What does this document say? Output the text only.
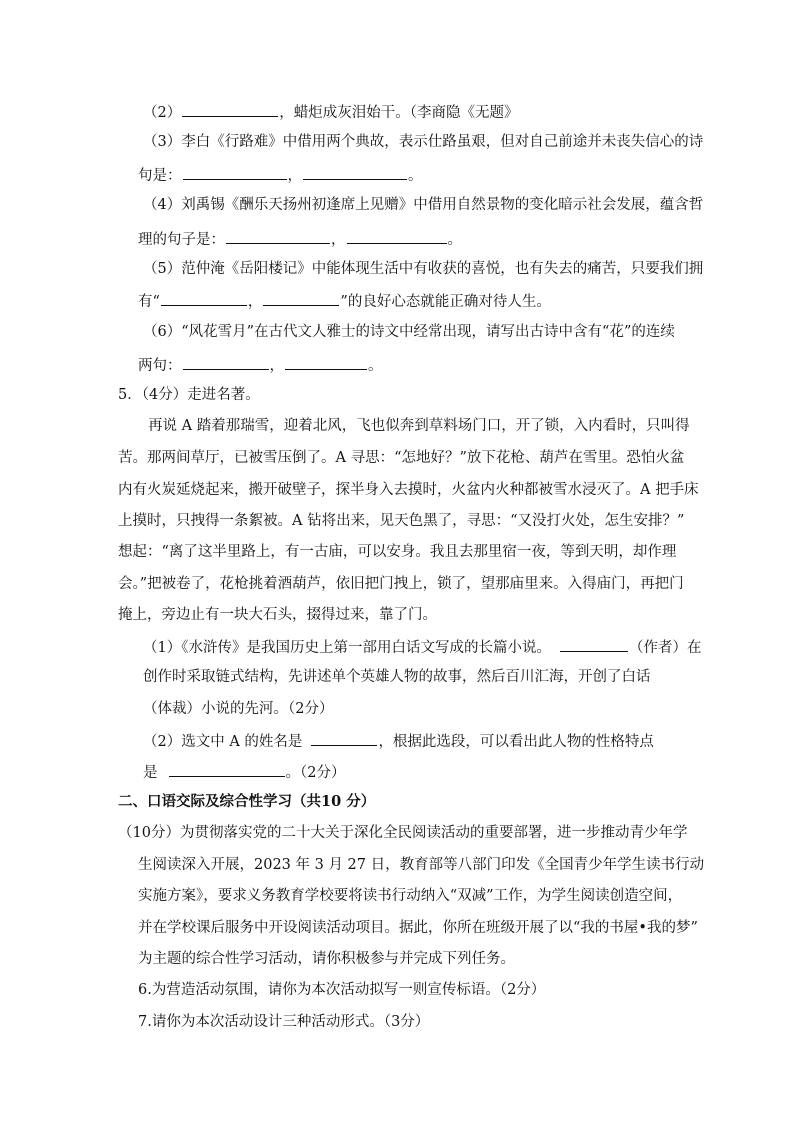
（2）	，蜡炬成灰泪始干。（李商隐《无题》
（3）李白《行路难》中借用两个典故，表示仕路虽艰，但对自己前途并未丧失信心的诗
句是：	，	。
（4）刘禹锡《酬乐天扬州初逢席上见赠》中借用自然景物的变化暗示社会发展，蕴含哲
理的句子是：	，	。
（5）范仲淹《岳阳楼记》中能体现生活中有收获的喜悦，也有失去的痛苦，只要我们拥
有“	，	”的良好心态就能正确对待人生。
（6）“风花雪月”在古代文人雅士的诗文中经常出现，请写出古诗中含有“花”的连续
两句：	，	。
5．（4分）走进名著。
再说 A 踏着那瑞雪，迎着北风，飞也似奔到草料场门口，开了锁，入内看时，只叫得
苦。那两间草厅，已被雪压倒了。A 寻思：“怎地好？”放下花枪、葫芦在雪里。恐怕火盆
内有火炭延烧起来，搬开破壁子，探半身入去摸时，火盆内火种都被雪水浸灭了。A 把手床
上摸时，只拽得一条絮被。A 钻将出来，见天色黑了，寻思：“又没打火处，怎生安排？”
想起：“离了这半里路上，有一古庙，可以安身。我且去那里宿一夜，等到天明，却作理
会。”把被卷了，花枪挑着酒葫芦，依旧把门拽上，锁了，望那庙里来。入得庙门，再把门
掩上，旁边止有一块大石头，掇得过来，靠了门。
（1）《水浒传》是我国历史上第一部用白话文写成的长篇小说。	（作者）在
创作时采取链式结构，先讲述单个英雄人物的故事，然后百川汇海，开创了白话
（体裁）小说的先河。（2分）
（2）选文中 A 的姓名是	，根据此选段，可以看出此人物的性格特点
是	。（2分）
二、口语交际及综合性学习（共10 分）
（10分）为贯彻落实党的二十大关于深化全民阅读活动的重要部署，进一步推动青少年学
生阅读深入开展，2023 年 3 月 27 日，教育部等八部门印发《全国青少年学生读书行动
实施方案》，要求义务教育学校要将读书行动纳入“双减”工作，为学生阅读创造空间，
并在学校课后服务中开设阅读活动项目。据此，你所在班级开展了以“我的书屋•我的梦”
为主题的综合性学习活动，请你积极参与并完成下列任务。
6.为营造活动氛围，请你为本次活动拟写一则宣传标语。（2分）
7.请你为本次活动设计三种活动形式。（3分）
